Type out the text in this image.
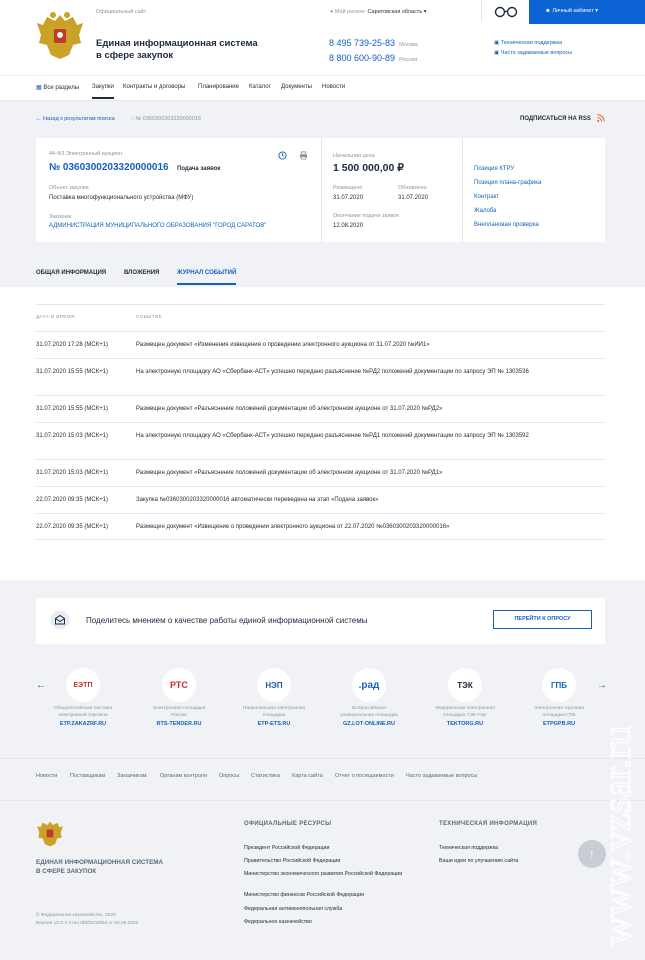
Официальный сайт
Единая информационная система
в сфере закупок
● Мой регион: Саратовская область ▾
8 495 739-25-83 Москва
8 800 600-90-89 Россия
▣ Техническая поддержка
▣ Часто задаваемые вопросы
☻ Личный кабинет ▾
▦ Все разделы Закупки Контракты и договоры Планирование Каталог Документы Новости
← Назад к результатам поиска	› № 0360300203320000016	ПОДПИСАТЬСЯ НА RSS
44-ФЗ Электронный аукцион
№ 0360300203320000016 Подача заявок
Объект закупки
Поставка многофункционального устройства (МФУ)
Заказчик
АДМИНИСТРАЦИЯ МУНИЦИПАЛЬНОГО ОБРАЗОВАНИЯ "ГОРОД САРАТОВ"
Начальная цена
1 500 000,00 ₽
Размещено
31.07.2020
Обновлено
31.07.2020
Окончание подачи заявок
12.08.2020
Позиция КТРУ
Позиция плана-графика
Контракт
Жалоба
Внеплановая проверка
ОБЩАЯ ИНФОРМАЦИЯ	ВЛОЖЕНИЯ	ЖУРНАЛ СОБЫТИЙ
ДАТА И ВРЕМЯ	СОБЫТИЕ
31.07.2020 17:28 (МСК+1)	Размещен документ «Изменения извещения о проведении электронного аукциона от 31.07.2020 №ИИ1»
31.07.2020 15:55 (МСК+1)	На электронную площадку АО «Сбербанк-АСТ» успешно передано разъяснение №РД2 положений документации по запросу ЭП № 1303536
31.07.2020 15:55 (МСК+1)	Размещен документ «Разъяснение положений документации об электронном аукционе от 31.07.2020 №РД2»
31.07.2020 15:03 (МСК+1)	На электронную площадку АО «Сбербанк-АСТ» успешно передано разъяснение №РД1 положений документации по запросу ЭП № 1303592
31.07.2020 15:03 (МСК+1)	Размещен документ «Разъяснение положений документации об электронном аукционе от 31.07.2020 №РД1»
22.07.2020 09:35 (МСК+1)	Закупка №0360300203320000016 автоматически переведена на этап «Подача заявок»
22.07.2020 09:35 (МСК+1)	Размещен документ «Извещение о проведении электронного аукциона от 22.07.2020 №0360300203320000016»
Поделитесь мнением о качестве работы единой информационной системы	ПЕРЕЙТИ К ОПРОСУ
←	→
ЕЭТП
Общероссийская система
электронной торговли
ETP.ZAKAZRF.RU
РТС
Электронная площадка
России
RTS-TENDER.RU
НЭП
Национальная электронная
площадка
ETP-ETS.RU
.рад
Всероссийская
универсальная площадка
GZ.LOT-ONLINE.RU
ТЭК
Федеральная электронная
площадка ТЭК-Торг
TEKTORG.RU
ГПБ
Электронная торговая
площадка ГПБ
ETPGPB.RU
Новости Поставщикам Заказчикам Органам контроля Опросы Статистика Карта сайта Отчет о посещаемости Часто задаваемые вопросы
ЕДИНАЯ ИНФОРМАЦИОННАЯ СИСТЕМА
В СФЕРЕ ЗАКУПОК
© Федеральное казначейство, 2020
Версия 10.2.4.3 rev 0bbf5215f6d от 06.08.2020
ОФИЦИАЛЬНЫЕ РЕСУРСЫ
Президент Российской Федерации
Правительство Российской Федерации
Министерство экономического развития Российской Федерации
Министерство финансов Российской Федерации
Федеральная антимонопольная служба
Федеральное казначейство
ТЕХНИЧЕСКАЯ ИНФОРМАЦИЯ
Техническая поддержка
Ваши идеи по улучшению сайта	↑ www.vzsar.ru
